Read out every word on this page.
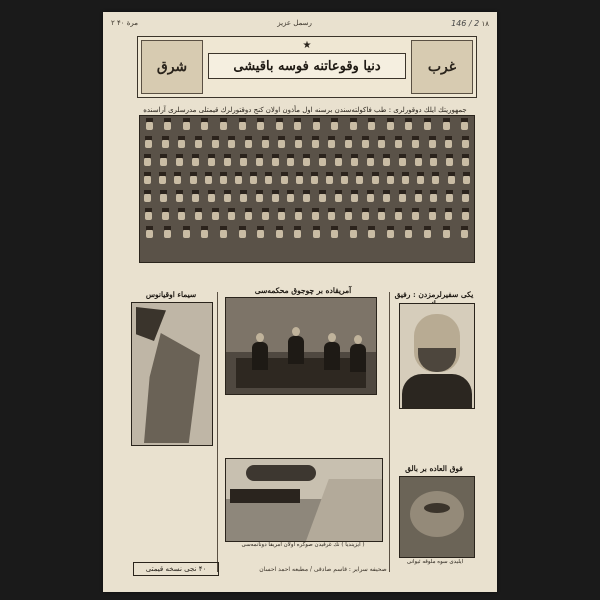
۲ مرة ۴۰	رسمل عزیز	146 / 2 ۱۸
شرق
★
دنیا وقوعاتنه فوسه باقیشی	غرب
جمهوریتك ایلك دوقورلری : طب فاكولته‌سندن برسنه اول مأذون اولان كنج دوقتورلرك قیمتلی مدرسلری آراسنده

سیماء اوقیانوس	آمریقاده بر چوجوق محكمه‌سی	یكی سفیرلرمزدن : رفیق

فوق العاده بر بالق
( ایزیندیا ) نك غرقیدن صوكره اولان آمریقا دونانمه‌سی
ایلیدی سوه ملوقه ئیوانی
۴۰ نجی نسخه قیمتی	صحیفه سرایر : قاسم صادقی / مطبعه احمد احسان
